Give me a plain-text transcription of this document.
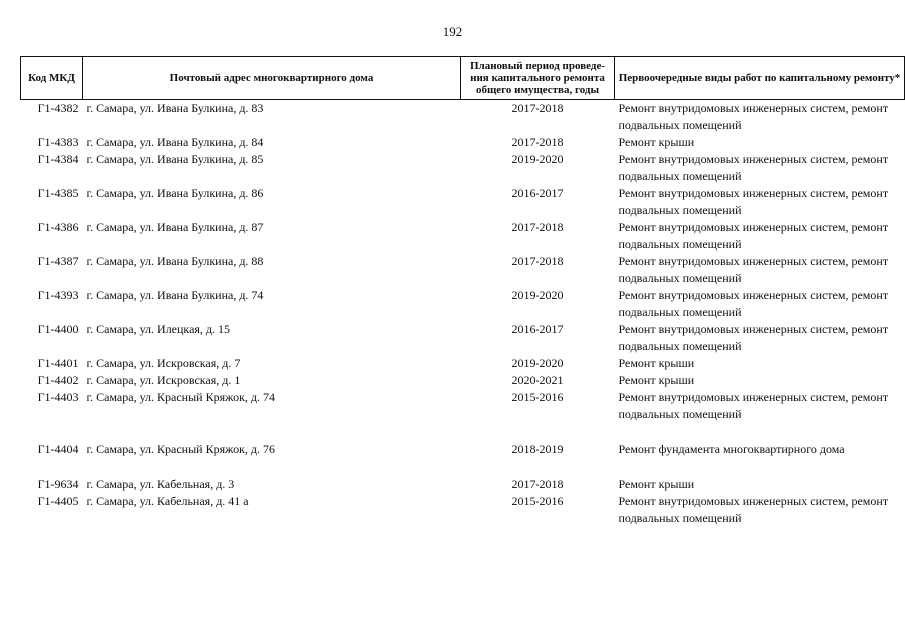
192
Код МКД	Почтовый адрес многоквартирного дома	Плановый период проведе-ния капитального ремонта общего имущества, годы	Первоочередные виды работ по капитальному ремонту*
Г1-4382	г. Самара, ул. Ивана Булкина, д. 83	2017-2018	Ремонт внутридомовых инженерных систем, ремонт подвальных помещений
Г1-4383	г. Самара, ул. Ивана Булкина, д. 84	2017-2018	Ремонт крыши
Г1-4384	г. Самара, ул. Ивана Булкина, д. 85	2019-2020	Ремонт внутридомовых инженерных систем, ремонт подвальных помещений
Г1-4385	г. Самара, ул. Ивана Булкина, д. 86	2016-2017	Ремонт внутридомовых инженерных систем, ремонт подвальных помещений
Г1-4386	г. Самара, ул. Ивана Булкина, д. 87	2017-2018	Ремонт внутридомовых инженерных систем, ремонт подвальных помещений
Г1-4387	г. Самара, ул. Ивана Булкина, д. 88	2017-2018	Ремонт внутридомовых инженерных систем, ремонт подвальных помещений
Г1-4393	г. Самара, ул. Ивана Булкина, д. 74	2019-2020	Ремонт внутридомовых инженерных систем, ремонт подвальных помещений
Г1-4400	г. Самара, ул. Илецкая, д. 15	2016-2017	Ремонт внутридомовых инженерных систем, ремонт подвальных помещений
Г1-4401	г. Самара, ул. Искровская, д. 7	2019-2020	Ремонт крыши
Г1-4402	г. Самара, ул. Искровская, д. 1	2020-2021	Ремонт крыши
Г1-4403	г. Самара, ул. Красный Кряжок, д. 74	2015-2016	Ремонт внутридомовых инженерных систем, ремонт подвальных помещений
Г1-4404	г. Самара, ул. Красный Кряжок, д. 76	2018-2019	Ремонт фундамента многоквартирного дома

Г1-9634	г. Самара, ул. Кабельная, д. 3	2017-2018	Ремонт крыши
Г1-4405	г. Самара, ул. Кабельная, д. 41 а	2015-2016	Ремонт внутридомовых инженерных систем, ремонт подвальных помещений
